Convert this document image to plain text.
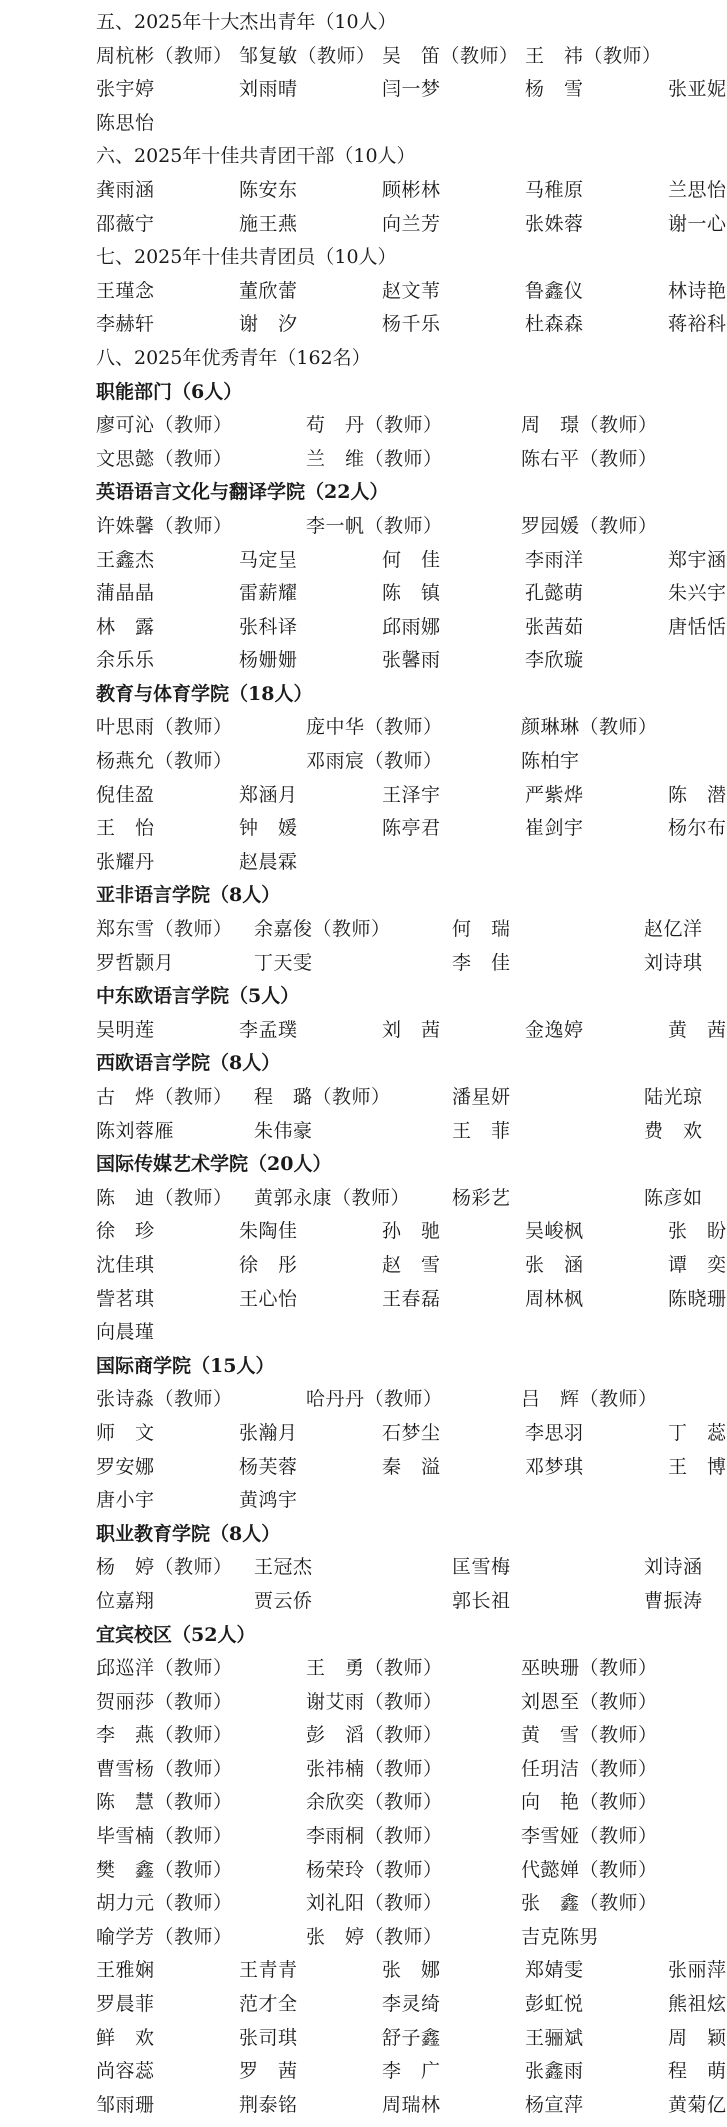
五、2025年十大杰出青年（10人）
周杭彬（教师） 邹复敏（教师） 吴　笛（教师） 王　祎（教师）
张宇婷	刘雨晴	闫一梦	杨　雪	张亚妮
陈思怡
六、2025年十佳共青团干部（10人）
龚雨涵	陈安东	顾彬林	马稚原	兰思怡
邵薇宁	施王燕	向兰芳	张姝蓉	谢一心
七、2025年十佳共青团员（10人）
王瑾念	董欣蕾	赵文苇	鲁鑫仪	林诗艳
李赫轩	谢　汐	杨千乐	杜森森	蒋裕科
八、2025年优秀青年（162名）
职能部门（6人）
廖可沁（教师）	苟　丹（教师）	周　璟（教师）
文思懿（教师）	兰　维（教师）	陈右平（教师）
英语语言文化与翻译学院（22人）
许姝馨（教师）	李一帆（教师）	罗园媛（教师）
王鑫杰	马定呈	何　佳	李雨洋	郑宇涵
蒲晶晶	雷薪耀	陈　镇	孔懿萌	朱兴宇
林　露	张科译	邱雨娜	张茜茹	唐恬恬
余乐乐	杨姗姗	张馨雨	李欣璇
教育与体育学院（18人）
叶思雨（教师）	庞中华（教师）	颜琳琳（教师）
杨燕允（教师）	邓雨宸（教师）	陈柏宇
倪佳盈	郑涵月	王泽宇	严紫烨	陈　潜
王　怡	钟　媛	陈亭君	崔剑宇	杨尔布
张耀丹	赵晨霖
亚非语言学院（8人）
郑东雪（教师） 余嘉俊（教师）	何　瑞	赵亿洋
罗哲颢月	丁天雯	李　佳	刘诗琪
中东欧语言学院（5人）
吴明莲	李孟璞	刘　茜	金逸婷	黄　茜
西欧语言学院（8人）
古　烨（教师） 程　璐（教师）	潘星妍	陆光琼
陈刘蓉雁	朱伟豪	王　菲	费　欢
国际传媒艺术学院（20人）
陈　迪（教师） 黄郭永康（教师） 杨彩艺	陈彦如
徐　珍	朱陶佳	孙　驰	吴峻枫	张　盼
沈佳琪	徐　彤	赵　雪	张　涵	谭　奕
訾茗琪	王心怡	王春磊	周林枫	陈晓珊
向晨瑾
国际商学院（15人）
张诗淼（教师）	哈丹丹（教师）	吕　辉（教师）
师　文	张瀚月	石梦尘	李思羽	丁　蕊
罗安娜	杨芙蓉	秦　溢	邓梦琪	王　博
唐小宇	黄鸿宇
职业教育学院（8人）
杨　婷（教师） 王冠杰	匡雪梅	刘诗涵
位嘉翔	贾云侨	郭长祖	曹振涛
宜宾校区（52人）
邱巡洋（教师）	王　勇（教师）	巫映珊（教师）
贺丽莎（教师）	谢艾雨（教师）	刘恩至（教师）
李　燕（教师）	彭　滔（教师）	黄　雪（教师）
曹雪杨（教师）	张祎楠（教师）	任玥洁（教师）
陈　慧（教师）	余欣奕（教师）	向　艳（教师）
毕雪楠（教师）	李雨桐（教师）	李雪娅（教师）
樊　鑫（教师）	杨荣玲（教师）	代懿婵（教师）
胡力元（教师）	刘礼阳（教师）	张　鑫（教师）
喻学芳（教师）	张　婷（教师）	吉克陈男
王雅娴	王青青	张　娜	郑婧雯	张丽萍
罗晨菲	范才全	李灵绮	彭虹悦	熊祖炫
鲜　欢	张司琪	舒子鑫	王骊斌	周　颖
尚容蕊	罗　茜	李　广	张鑫雨	程　萌
邹雨珊	荆泰铭	周瑞林	杨宣萍	黄菊亿
